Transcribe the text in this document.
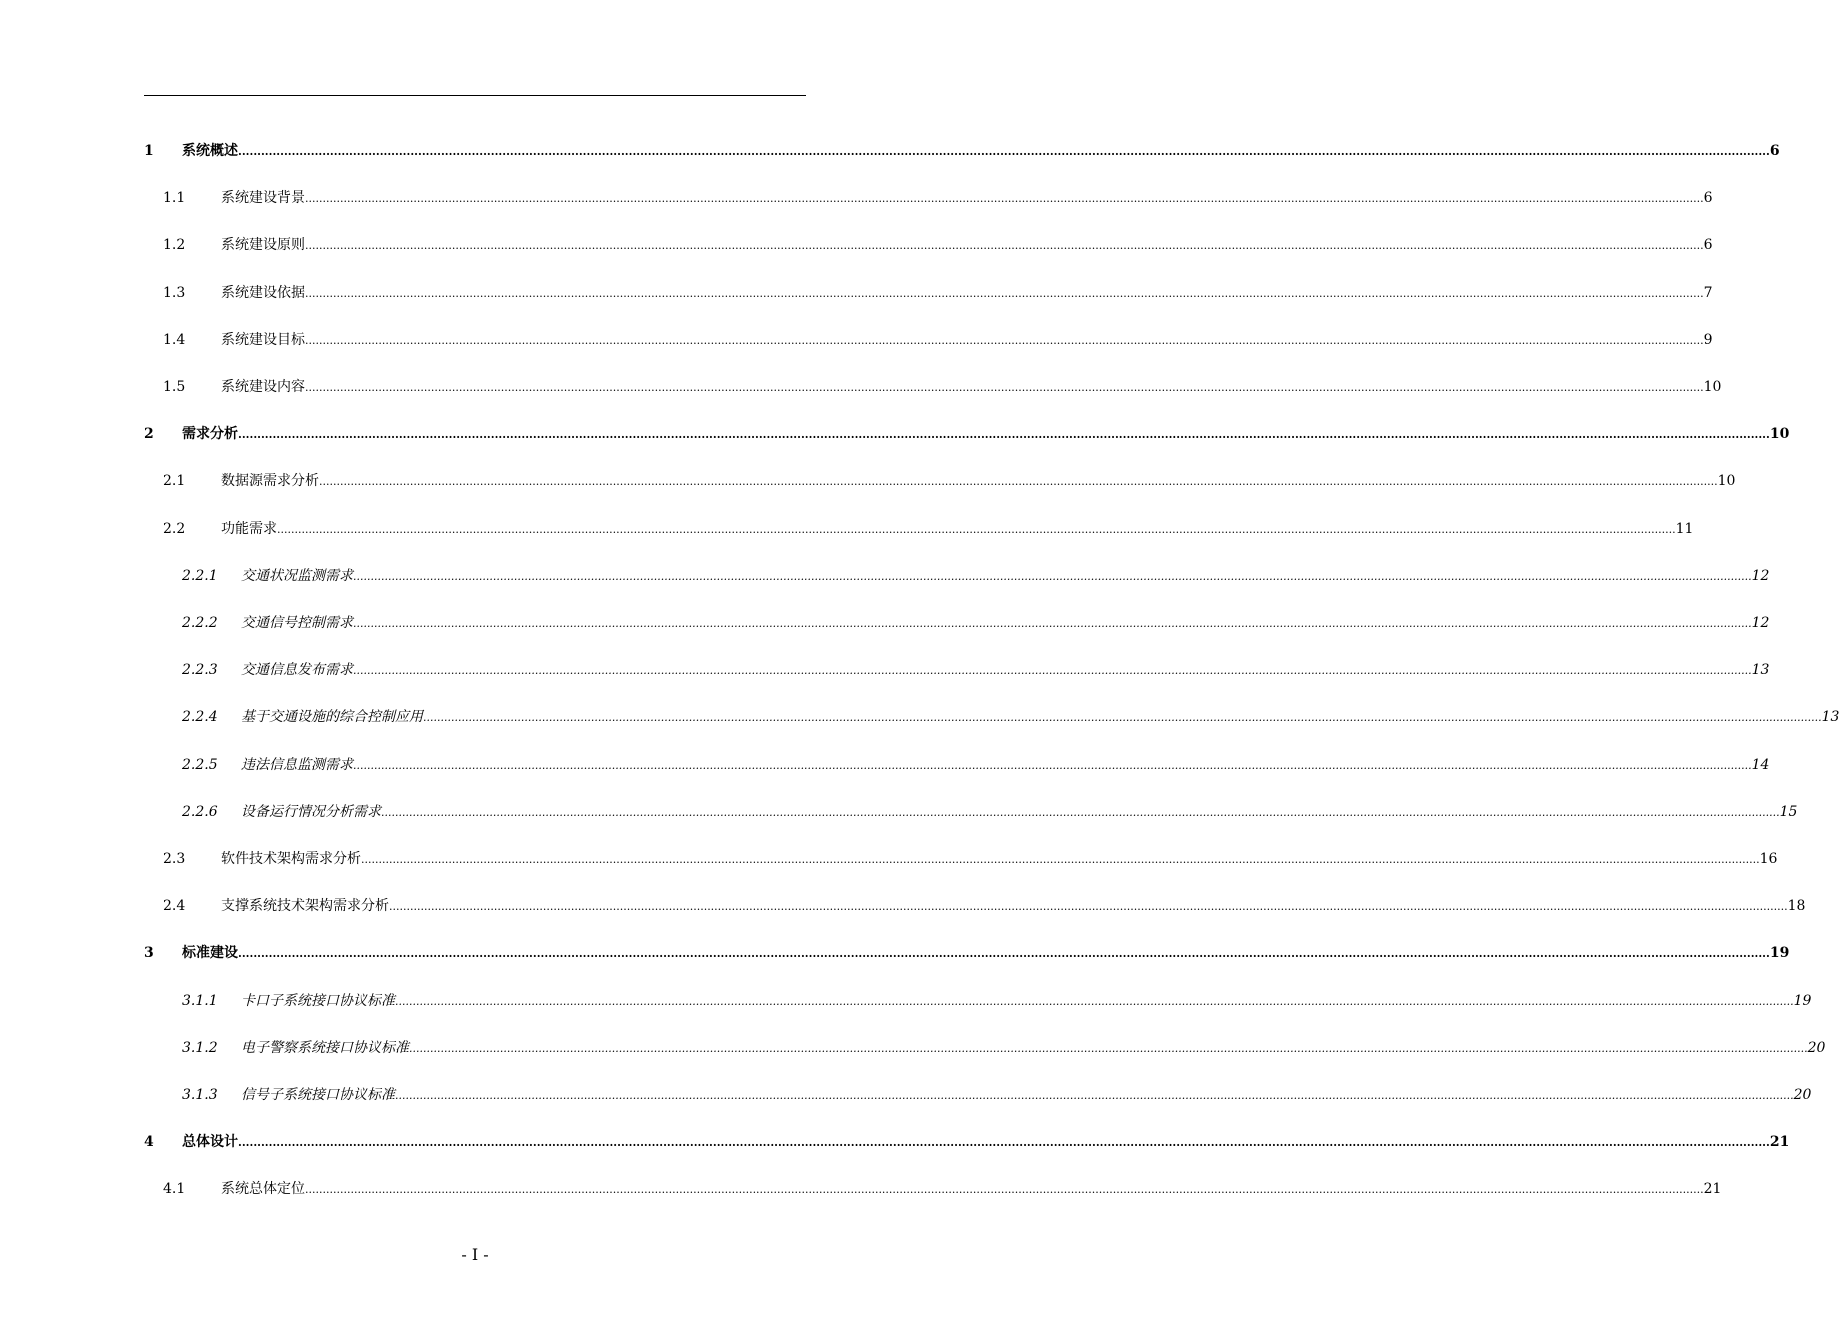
1 系统概述 ................................................................................................................................................................................................................................................................................................................................................................................................................ 6
1.1	系统建设背景 ................................................................................................................................................................................................................................................................................................................................................................................................................ 6
1.2	系统建设原则 ................................................................................................................................................................................................................................................................................................................................................................................................................ 6
1.3	系统建设依据 ................................................................................................................................................................................................................................................................................................................................................................................................................ 7
1.4	系统建设目标 ................................................................................................................................................................................................................................................................................................................................................................................................................ 9
1.5	系统建设内容 ................................................................................................................................................................................................................................................................................................................................................................................................................ 10
2 需求分析 ................................................................................................................................................................................................................................................................................................................................................................................................................ 10
2.1	数据源需求分析 ................................................................................................................................................................................................................................................................................................................................................................................................................ 10
2.2	功能需求 ................................................................................................................................................................................................................................................................................................................................................................................................................ 11
2.2.1 交通状况监测需求 ................................................................................................................................................................................................................................................................................................................................................................................................................ 12
2.2.2 交通信号控制需求 ................................................................................................................................................................................................................................................................................................................................................................................................................ 12
2.2.3 交通信息发布需求 ................................................................................................................................................................................................................................................................................................................................................................................................................ 13
2.2.4 基于交通设施的综合控制应用 ................................................................................................................................................................................................................................................................................................................................................................................................................ 13
2.2.5 违法信息监测需求 ................................................................................................................................................................................................................................................................................................................................................................................................................ 14
2.2.6 设备运行情况分析需求 ................................................................................................................................................................................................................................................................................................................................................................................................................ 15
2.3	软件技术架构需求分析 ................................................................................................................................................................................................................................................................................................................................................................................................................ 16
2.4	支撑系统技术架构需求分析 ................................................................................................................................................................................................................................................................................................................................................................................................................ 18
3 标准建设 ................................................................................................................................................................................................................................................................................................................................................................................................................ 19
3.1.1 卡口子系统接口协议标准 ................................................................................................................................................................................................................................................................................................................................................................................................................ 19
3.1.2 电子警察系统接口协议标准 ................................................................................................................................................................................................................................................................................................................................................................................................................ 20
3.1.3 信号子系统接口协议标准 ................................................................................................................................................................................................................................................................................................................................................................................................................ 20
4 总体设计 ................................................................................................................................................................................................................................................................................................................................................................................................................ 21
4.1	系统总体定位 ................................................................................................................................................................................................................................................................................................................................................................................................................ 21
- I -
